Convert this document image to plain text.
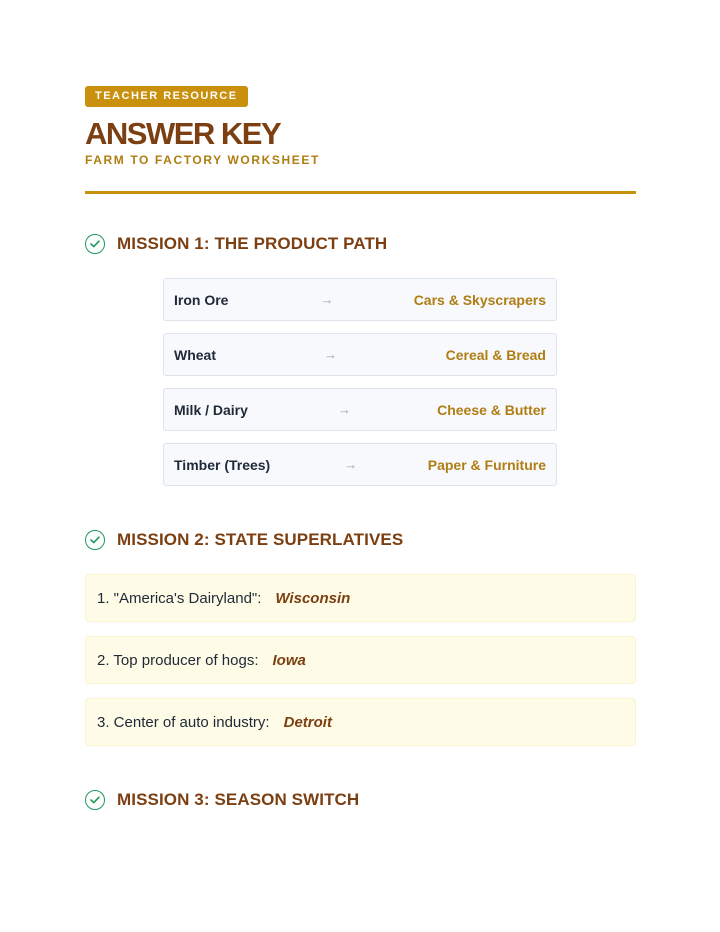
TEACHER RESOURCE
ANSWER KEY
FARM TO FACTORY WORKSHEET
MISSION 1: THE PRODUCT PATH
Iron Ore	→	Cars & Skyscrapers
Wheat	→	Cereal & Bread
Milk / Dairy	→	Cheese & Butter
Timber (Trees)	→	Paper & Furniture
MISSION 2: STATE SUPERLATIVES
1. "America's Dairyland": Wisconsin
2. Top producer of hogs: Iowa
3. Center of auto industry: Detroit
MISSION 3: SEASON SWITCH
